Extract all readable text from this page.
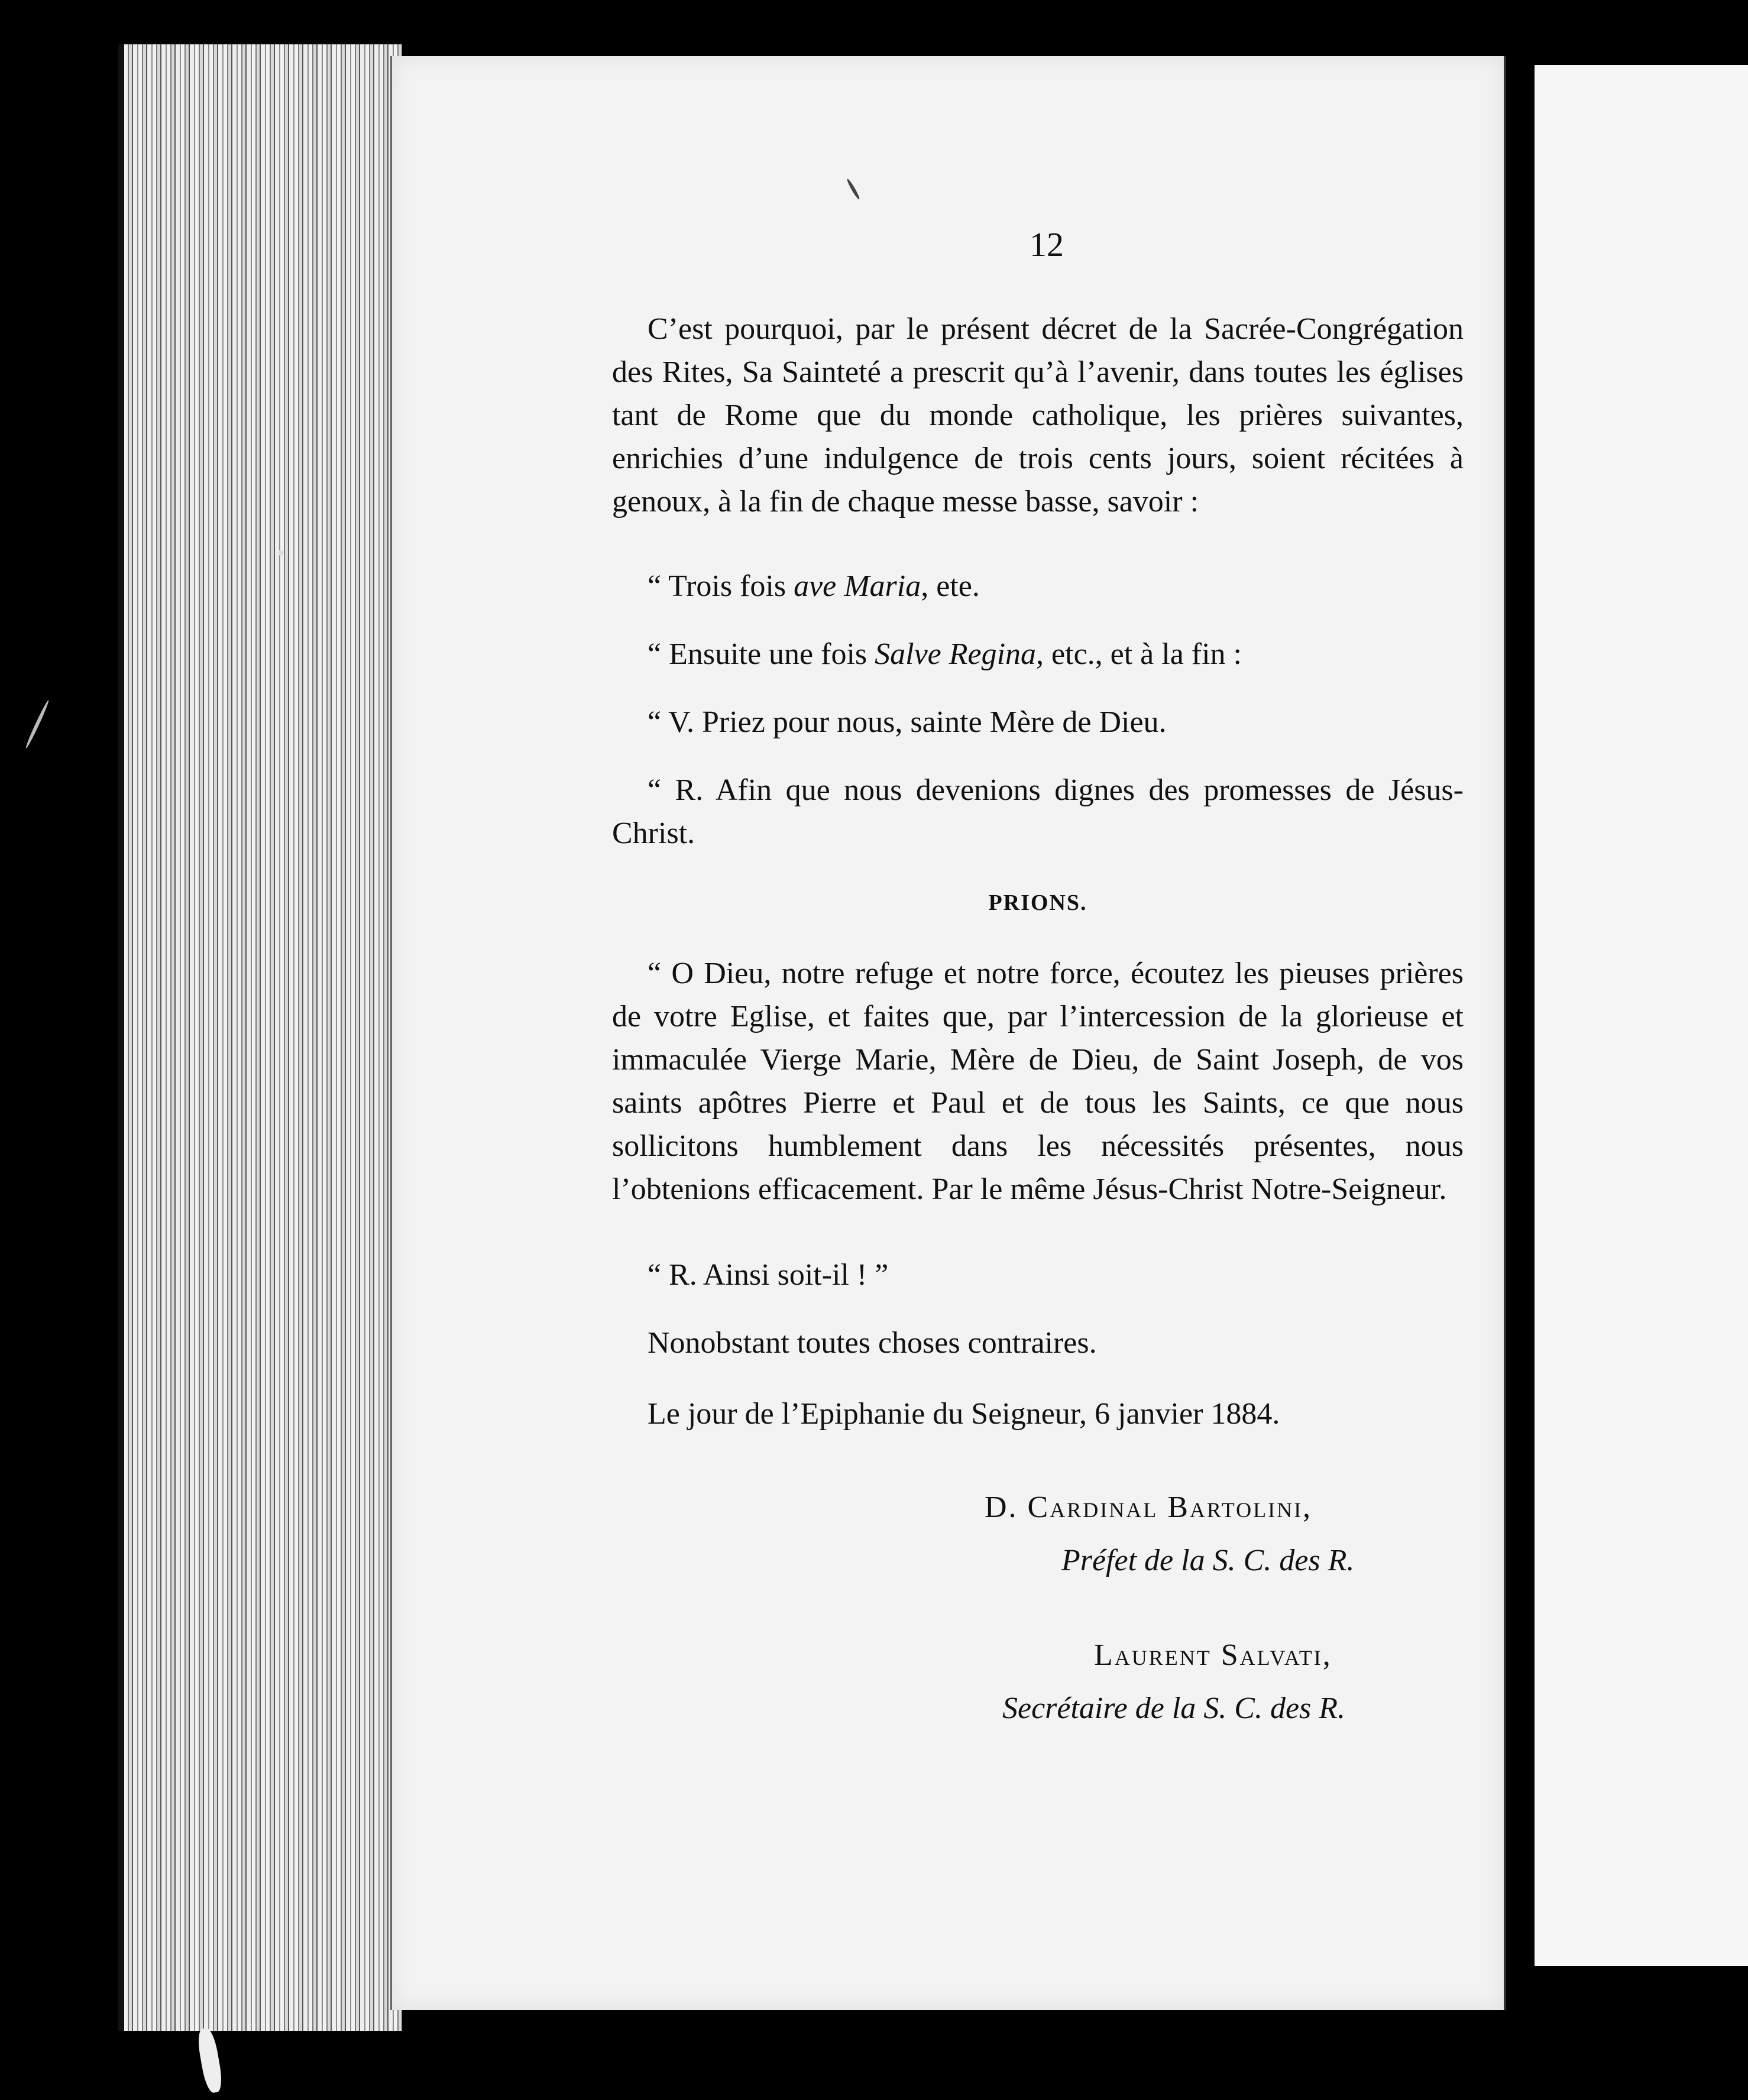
12

C’est pourquoi, par le présent décret de la Sacrée-Congrégation des Rites, Sa Sainteté a prescrit qu’à l’avenir, dans toutes les églises tant de Rome que du monde catholique, les prières suivantes, enrichies d’une indulgence de trois cents jours, soient récitées à genoux, à la fin de chaque messe basse, savoir :

“ Trois fois ave Maria, ete.
“ Ensuite une fois Salve Regina, etc., et à la fin :
“ V. Priez pour nous, sainte Mère de Dieu.

“ R. Afin que nous devenions dignes des promesses de Jésus-Christ.

PRIONS.

“ O Dieu, notre refuge et notre force, écoutez les pieuses prières de votre Eglise, et faites que, par l’intercession de la glorieuse et immaculée Vierge Marie, Mère de Dieu, de Saint Joseph, de vos saints apôtres Pierre et Paul et de tous les Saints, ce que nous sollicitons humblement dans les nécessités présentes, nous l’obtenions efficacement. Par le même Jésus-Christ Notre-Seigneur.

“ R. Ainsi soit-il ! ”
Nonobstant toutes choses contraires.
Le jour de l’Epiphanie du Seigneur, 6 janvier 1884.
D. Cardinal Bartolini,
Préfet de la S. C. des R.
Laurent Salvati,
Secrétaire de la S. C. des R.
